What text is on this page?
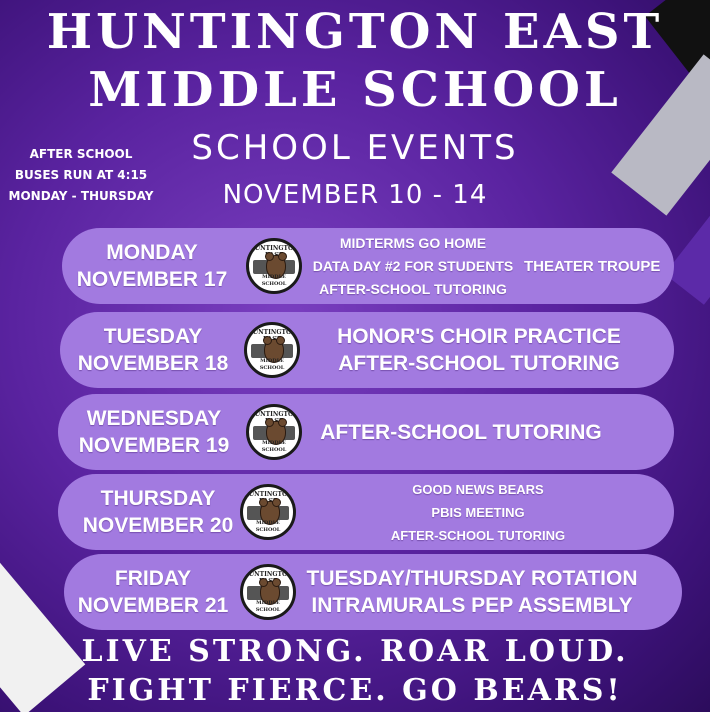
HUNTINGTON EAST
MIDDLE SCHOOL
SCHOOL EVENTS
NOVEMBER 10 - 14
AFTER SCHOOL
BUSES RUN AT 4:15
MONDAY - THURSDAY
MONDAY
NOVEMBER 17
HUNTINGTON
MIDDLE SCHOOL
MIDTERMS GO HOME
DATA DAY #2 FOR STUDENTS
AFTER-SCHOOL TUTORING
THEATER TROUPE
TUESDAY
NOVEMBER 18
HUNTINGTON
MIDDLE SCHOOL
HONOR'S CHOIR PRACTICE
AFTER-SCHOOL TUTORING
WEDNESDAY
NOVEMBER 19
HUNTINGTON
MIDDLE SCHOOL
AFTER-SCHOOL TUTORING
THURSDAY
NOVEMBER 20
HUNTINGTON
MIDDLE SCHOOL
GOOD NEWS BEARS
PBIS MEETING
AFTER-SCHOOL TUTORING
FRIDAY
NOVEMBER 21
HUNTINGTON
MIDDLE SCHOOL
TUESDAY/THURSDAY ROTATION
INTRAMURALS PEP ASSEMBLY
LIVE STRONG. ROAR LOUD.
FIGHT FIERCE. GO BEARS!
